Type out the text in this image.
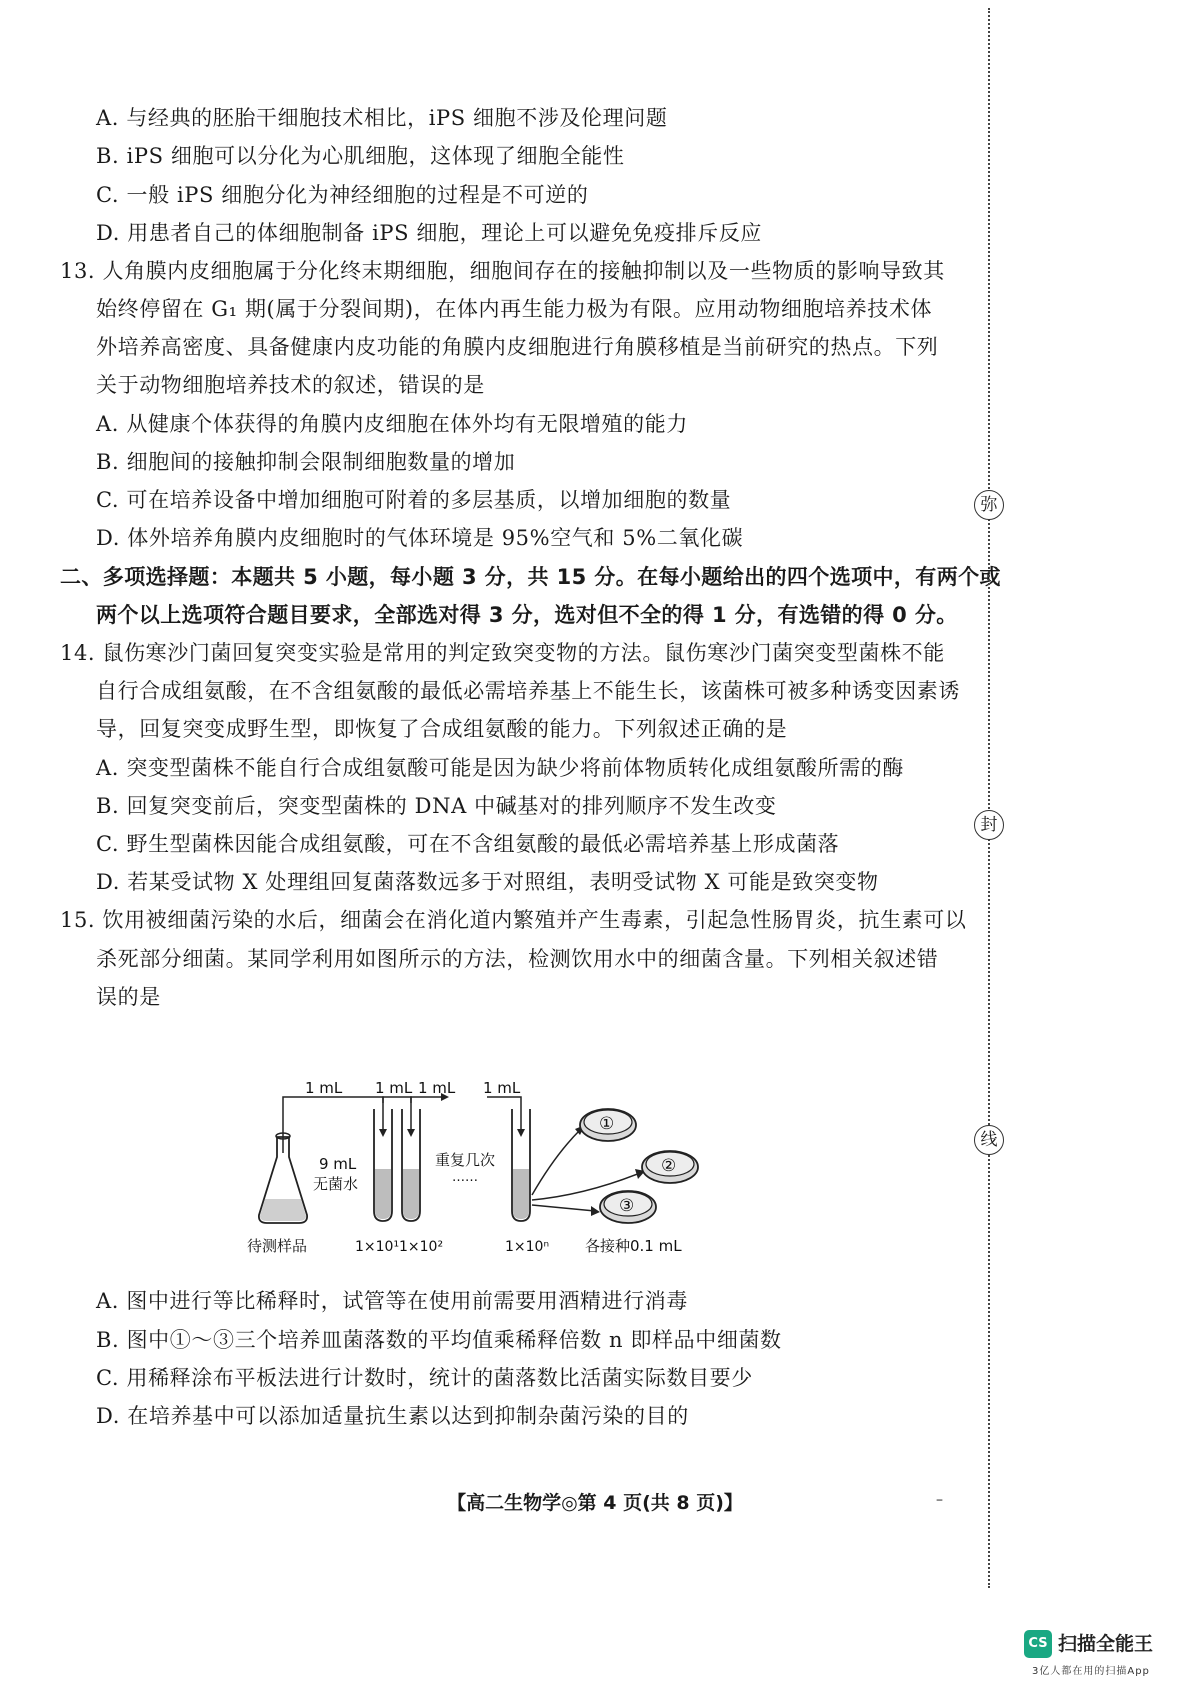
A. 与经典的胚胎干细胞技术相比，iPS 细胞不涉及伦理问题
B. iPS 细胞可以分化为心肌细胞，这体现了细胞全能性
C. 一般 iPS 细胞分化为神经细胞的过程是不可逆的
D. 用患者自己的体细胞制备 iPS 细胞，理论上可以避免免疫排斥反应
13. 人角膜内皮细胞属于分化终末期细胞，细胞间存在的接触抑制以及一些物质的影响导致其
始终停留在 G₁ 期(属于分裂间期)，在体内再生能力极为有限。应用动物细胞培养技术体
外培养高密度、具备健康内皮功能的角膜内皮细胞进行角膜移植是当前研究的热点。下列
关于动物细胞培养技术的叙述，错误的是
A. 从健康个体获得的角膜内皮细胞在体外均有无限增殖的能力
B. 细胞间的接触抑制会限制细胞数量的增加
C. 可在培养设备中增加细胞可附着的多层基质，以增加细胞的数量
D. 体外培养角膜内皮细胞时的气体环境是 95%空气和 5%二氧化碳
二、多项选择题：本题共 5 小题，每小题 3 分，共 15 分。在每小题给出的四个选项中，有两个或
两个以上选项符合题目要求，全部选对得 3 分，选对但不全的得 1 分，有选错的得 0 分。
14. 鼠伤寒沙门菌回复突变实验是常用的判定致突变物的方法。鼠伤寒沙门菌突变型菌株不能
自行合成组氨酸，在不含组氨酸的最低必需培养基上不能生长，该菌株可被多种诱变因素诱
导，回复突变成野生型，即恢复了合成组氨酸的能力。下列叙述正确的是
A. 突变型菌株不能自行合成组氨酸可能是因为缺少将前体物质转化成组氨酸所需的酶
B. 回复突变前后，突变型菌株的 DNA 中碱基对的排列顺序不发生改变
C. 野生型菌株因能合成组氨酸，可在不含组氨酸的最低必需培养基上形成菌落
D. 若某受试物 X 处理组回复菌落数远多于对照组，表明受试物 X 可能是致突变物
15. 饮用被细菌污染的水后，细菌会在消化道内繁殖并产生毒素，引起急性肠胃炎，抗生素可以
杀死部分细菌。某同学利用如图所示的方法，检测饮用水中的细菌含量。下列相关叙述错
误的是
1 mL 1 mL 1 mL 1 mL
9 mL
无菌水
重复几次
……
待测样品	1×10¹ 1×10²	1×10ⁿ 各接种0.1 mL
①
②
③
A. 图中进行等比稀释时，试管等在使用前需要用酒精进行消毒
B. 图中①～③三个培养皿菌落数的平均值乘稀释倍数 n 即样品中细菌数
C. 用稀释涂布平板法进行计数时，统计的菌落数比活菌实际数目要少
D. 在培养基中可以添加适量抗生素以达到抑制杂菌污染的目的
【高二生物学◎第 4 页(共 8 页)】	–
弥
封
线
CS 扫描全能王
3亿人都在用的扫描App
